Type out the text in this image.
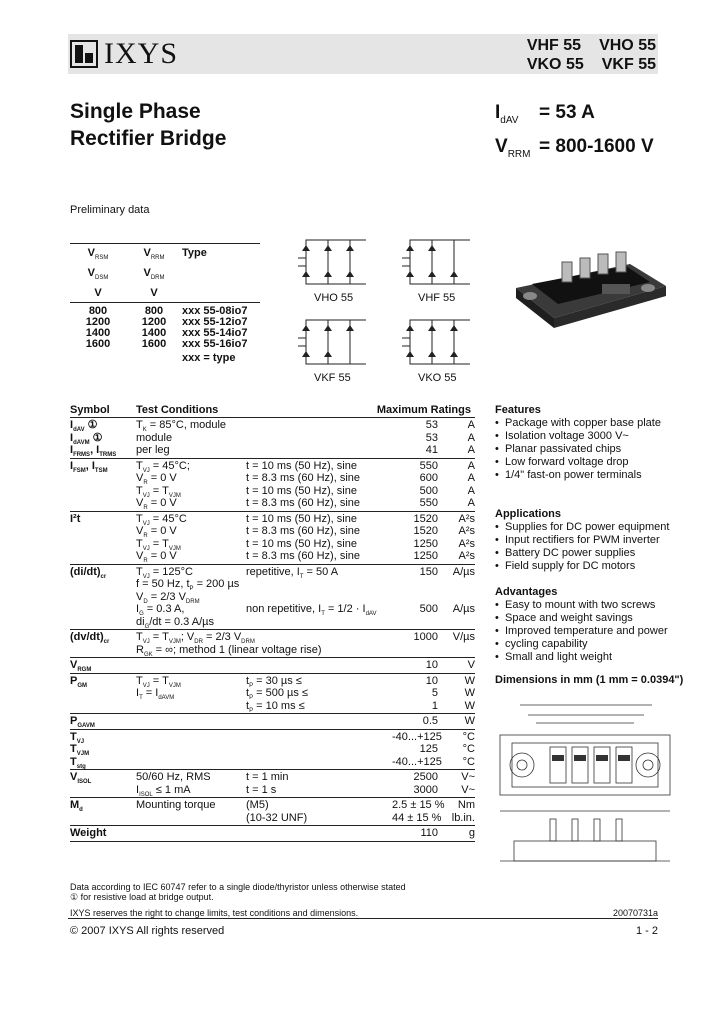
IXYS	VHF 55 VHO 55
VKO 55 VKF 55
Single Phase
Rectifier Bridge
$I_{dAV}$	= 53 A
$V_{RRM} = 800-1600$ V
Preliminary data
$V_{RSM}$	$V_{RRM}$	Type
$V_{DSM}$	$V_{DRM}$
V	V
800	800	xxx 55-08io7
1200	1200	xxx 55-12io7
1400	1400	xxx 55-14io7
1600	1600	xxx 55-16io7
xxx = type
VHO 55	VHF 55
VKF 55	VKO 55
Symbol	Test Conditions	Maximum Ratings
$I_{dAV}$ ①	$T_K = 85^\circ C$, module	53	A
$I_{dAVM}$ ①	module	53	A
$I_{FRMS}$, $I_{TRMS}$	per leg	41	A
$I_{FSM}$, $I_{TSM}$	$T_{VJ} = 45^\circ C$;	t = 10 ms (50 Hz), sine	550	A
$V_R = 0$ V	t = 8.3 ms (60 Hz), sine	600	A
$T_{VJ} = T_{VJM}$	t = 10 ms (50 Hz), sine	500	A
$V_R = 0$ V	t = 8.3 ms (60 Hz), sine	550	A
I²t	$T_{VJ} = 45^\circ C$	t = 10 ms (50 Hz), sine	1520	A²s
$V_R = 0$ V	t = 8.3 ms (60 Hz), sine	1520	A²s
$T_{VJ} = T_{VJM}$	t = 10 ms (50 Hz), sine	1250	A²s
$V_R = 0$ V	t = 8.3 ms (60 Hz), sine	1250	A²s
$(di/dt)_{cr}$	$T_{VJ} = 125^\circ C$	repetitive, $I_T = 50$ A	150	A/µs
f = 50 Hz, $t_P = 200$ µs
$V_D = 2/3$ $V_{DRM}$
$I_G = 0.3$ A,	non repetitive, $I_T = 1/2 \cdot I_{dAV}$	500	A/µs
$di_G/dt = 0.3$ A/µs
$(dv/dt)_{cr}$	$T_{VJ} = T_{VJM}$; $V_{DR} = 2/3$ $V_{DRM}$	1000	V/µs
$R_{GK}$ = ∞; method 1 (linear voltage rise)
$V_{RGM}$	10	V
$P_{GM}$	$T_{VJ} = T_{VJM}$	$t_P = 30$ µs ≤	10	W
$I_T = I_{dAVM}$	$t_P = 500$ µs ≤	5	W
$t_P = 10$ ms ≤	1	W
$P_{GAVM}$	0.5	W
$T_{VJ}$	-40...+125	°C
$T_{VJM}$	125	°C
$T_{stg}$	-40...+125	°C
$V_{ISOL}$	50/60 Hz, RMS	t = 1 min	2500	V~
$I_{ISOL} \le 1$ mA	t = 1 s	3000	V~
$M_d$	Mounting torque	(M5)	2.5 ± 15 %	Nm
(10-32 UNF)	44 ± 15 % lb.in.
Weight	110	g
Features
• Package with copper base plate
• Isolation voltage 3000 V~
• Planar passivated chips
• Low forward voltage drop
• 1/4" fast-on power terminals
Applications
• Supplies for DC power equipment
• Input rectifiers for PWM inverter
• Battery DC power supplies
• Field supply for DC motors
Advantages
• Easy to mount with two screws
• Space and weight savings
• Improved temperature and power
• cycling capability
• Small and light weight
Dimensions in mm (1 mm = 0.0394")
Data according to IEC 60747 refer to a single diode/thyristor unless otherwise stated
① for resistive load at bridge output.
IXYS reserves the right to change limits, test conditions and dimensions.	20070731a
© 2007 IXYS All rights reserved	1 - 2
